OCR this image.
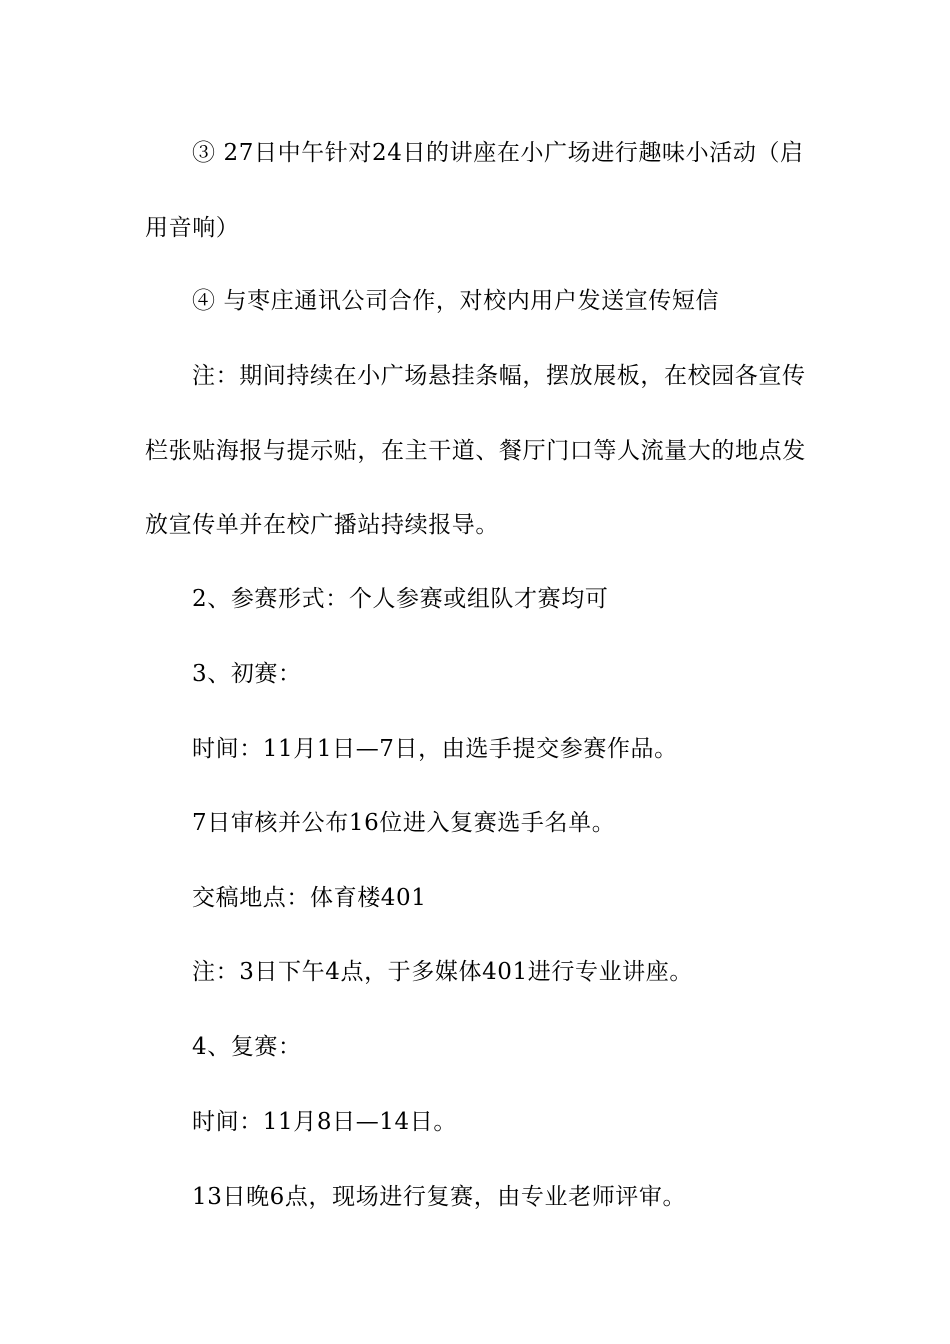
③ 27日中午针对24日的讲座在小广场进行趣味小活动（启用音响）

④ 与枣庄通讯公司合作，对校内用户发送宣传短信

注：期间持续在小广场悬挂条幅，摆放展板，在校园各宣传栏张贴海报与提示贴，在主干道、餐厅门口等人流量大的地点发放宣传单并在校广播站持续报导。

2、参赛形式：个人参赛或组队才赛均可

3、初赛：

时间：11月1日—7日，由选手提交参赛作品。

7日审核并公布16位进入复赛选手名单。

交稿地点：体育楼401

注：3日下午4点，于多媒体401进行专业讲座。

4、复赛：

时间：11月8日—14日。

13日晚6点，现场进行复赛，由专业老师评审。
